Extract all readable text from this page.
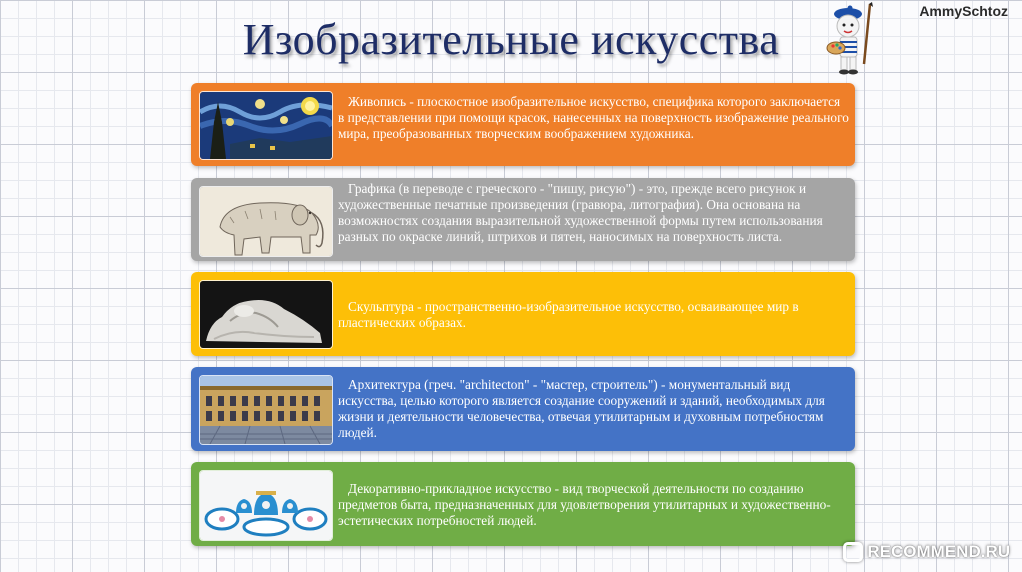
Изобразительные искусства
AmmySchtoz
Живопись - плоскостное изобразительное искусство, специфика которого заключается в представлении при помощи красок, нанесенных на поверхность изображение реального мира, преобразованных творческим воображением художника.
Графика (в переводе с греческого - "пишу, рисую") - это, прежде всего рисунок и художественные печатные произведения (гравюра, литография). Она основана на возможностях создания выразительной художественной формы путем использования разных по окраске линий, штрихов и пятен, наносимых на поверхность листа.
Скульптура - пространственно-изобразительное искусство, осваивающее мир в пластических образах.
Архитектура (греч. "architecton" - "мастер, строитель") - монументальный вид искусства, целью которого является создание сооружений и зданий, необходимых для жизни и деятельности человечества, отвечая утилитарным и духовным потребностям людей.
Декоративно-прикладное искусство - вид творческой деятельности по созданию предметов быта, предназначенных для удовлетворения утилитарных и художественно-эстетических потребностей людей.
RECOMMEND.RU
